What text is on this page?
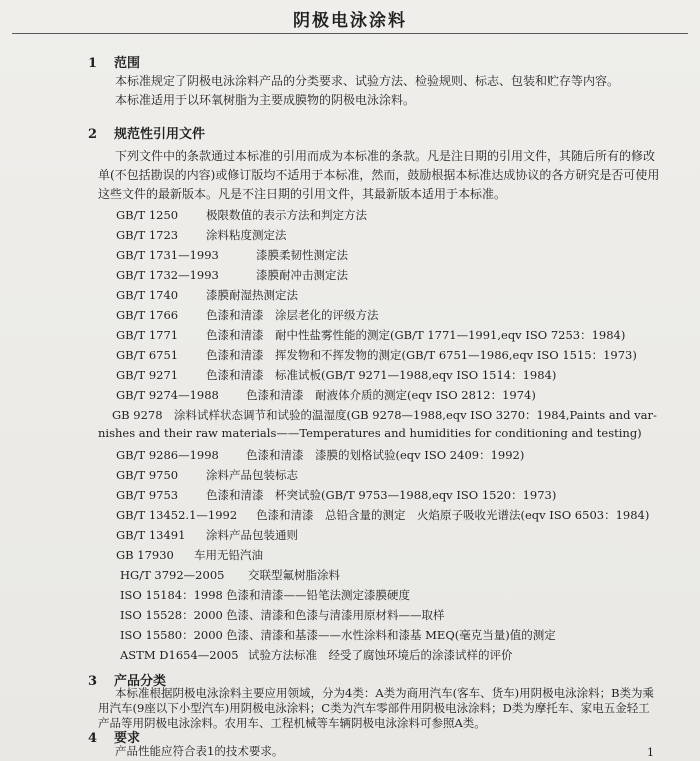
阴极电泳涂料
1 范围

本标准规定了阴极电泳涂料产品的分类要求、试验方法、检验规则、标志、包装和贮存等内容。

本标准适用于以环氧树脂为主要成膜物的阴极电泳涂料。

2 规范性引用文件

下列文件中的条款通过本标准的引用而成为本标准的条款。凡是注日期的引用文件，其随后所有的修改单(不包括勘误的内容)或修订版均不适用于本标准，然而，鼓励根据本标准达成协议的各方研究是否可使用这些文件的最新版本。凡是不注日期的引用文件，其最新版本适用于本标准。

GB/T 1250 极限数值的表示方法和判定方法
GB/T 1723 涂料粘度测定法
GB/T 1731—1993	漆膜柔韧性测定法
GB/T 1732—1993	漆膜耐冲击测定法
GB/T 1740 漆膜耐湿热测定法
GB/T 1766 色漆和清漆　涂层老化的评级方法
GB/T 1771 色漆和清漆　耐中性盐雾性能的测定(GB/T 1771—1991,eqv ISO 7253：1984)
GB/T 6751 色漆和清漆　挥发物和不挥发物的测定(GB/T 6751—1986,eqv ISO 1515：1973)
GB/T 9271 色漆和清漆　标准试板(GB/T 9271—1988,eqv ISO 1514：1984)
GB/T 9274—1988 色漆和清漆　耐液体介质的测定(eqv ISO 2812：1974)
GB 9278 涂料试样状态调节和试验的温湿度(GB 9278—1988,eqv ISO 3270：1984,Paints and var-
nishes and their raw materials——Temperatures and humidities for conditioning and testing)
GB/T 9286—1998 色漆和清漆　漆膜的划格试验(eqv ISO 2409：1992)
GB/T 9750 涂料产品包装标志
GB/T 9753 色漆和清漆　杯突试验(GB/T 9753—1988,eqv ISO 1520：1973)
GB/T 13452.1—1992 色漆和清漆　总铅含量的测定　火焰原子吸收光谱法(eqv ISO 6503：1984)
GB/T 13491 涂料产品包装通则
GB 17930 车用无铅汽油
HG/T 3792—2005 交联型氟树脂涂料
ISO 15184：1998 色漆和清漆——铅笔法测定漆膜硬度
ISO 15528：2000 色漆、清漆和色漆与清漆用原材料——取样
ISO 15580：2000 色漆、清漆和基漆——水性涂料和漆基 MEQ(毫克当量)值的测定
ASTM D1654—2005 试验方法标准　经受了腐蚀环境后的涂漆试样的评价
3 产品分类

本标准根据阴极电泳涂料主要应用领域，分为4类：A类为商用汽车(客车、货车)用阴极电泳涂料；B类为乘用汽车(9座以下小型汽车)用阴极电泳涂料；C类为汽车零部件用阴极电泳涂料；D类为摩托车、家电五金轻工产品等用阴极电泳涂料。农用车、工程机械等车辆阴极电泳涂料可参照A类。

4 要求

产品性能应符合表1的技术要求。	1
